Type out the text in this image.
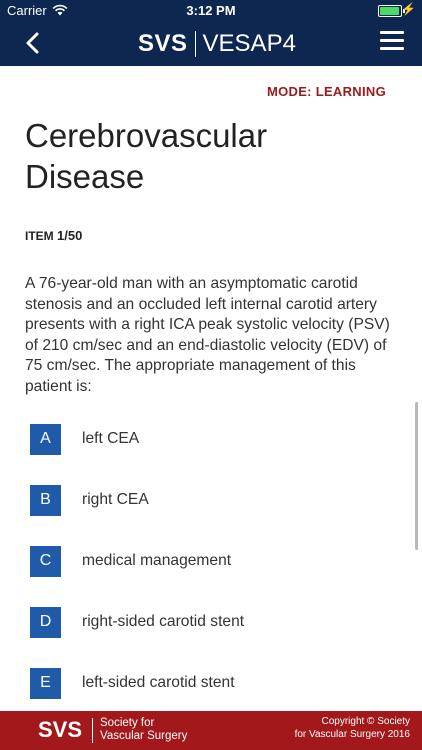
Carrier	3:12 PM	⚡
SVS VESAP4
MODE: LEARNING
Cerebrovascular Disease
ITEM 1/50
A 76-year-old man with an asymptomatic carotid stenosis and an occluded left internal carotid artery presents with a right ICA peak systolic velocity (PSV) of 210 cm/sec and an end-diastolic velocity (EDV) of 75 cm/sec. The appropriate management of this patient is:
A	left CEA
B	right CEA
C	medical management
D	right-sided carotid stent
E	left-sided carotid stent
SVS Society for
Vascular Surgery
Copyright © Society
for Vascular Surgery 2016
